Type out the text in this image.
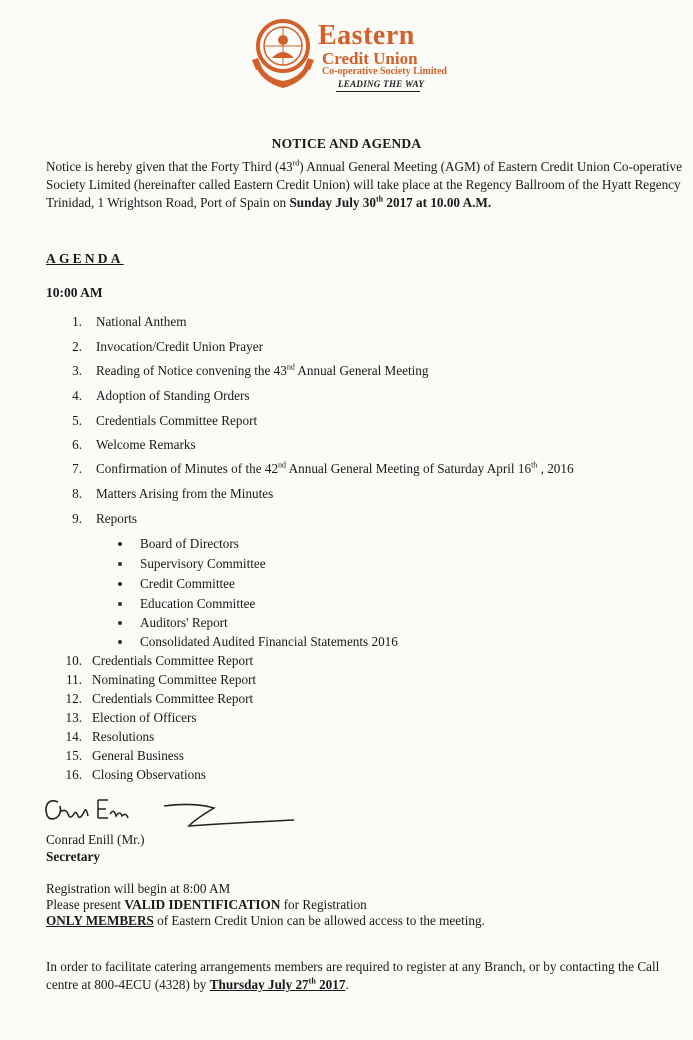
Eastern
Credit Union
Co-operative Society Limited
LEADING THE WAY
NOTICE AND AGENDA
Notice is hereby given that the Forty Third (43rd) Annual General Meeting (AGM) of Eastern Credit Union Co-operative Society Limited (hereinafter called Eastern Credit Union) will take place at the Regency Ballroom of the Hyatt Regency Trinidad, 1 Wrightson Road, Port of Spain on Sunday July 30th 2017 at 10.00 A.M.
AGENDA
10:00 AM
1. National Anthem
2. Invocation/Credit Union Prayer
3. Reading of Notice convening the 43nd Annual General Meeting
4. Adoption of Standing Orders
5. Credentials Committee Report
6. Welcome Remarks
7. Confirmation of Minutes of the 42nd Annual General Meeting of Saturday April 16th , 2016
8. Matters Arising from the Minutes
9. Reports
Board of Directors
Supervisory Committee
Credit Committee
Education Committee
Auditors' Report
Consolidated Audited Financial Statements 2016
10. Credentials Committee Report
11. Nominating Committee Report
12. Credentials Committee Report
13. Election of Officers
14. Resolutions
15. General Business
16. Closing Observations
Conrad Enill (Mr.)
Secretary
Registration will begin at 8:00 AM
Please present VALID IDENTIFICATION for Registration
ONLY MEMBERS of Eastern Credit Union can be allowed access to the meeting.
In order to facilitate catering arrangements members are required to register at any Branch, or by contacting the Call centre at 800-4ECU (4328) by Thursday July 27th 2017.
